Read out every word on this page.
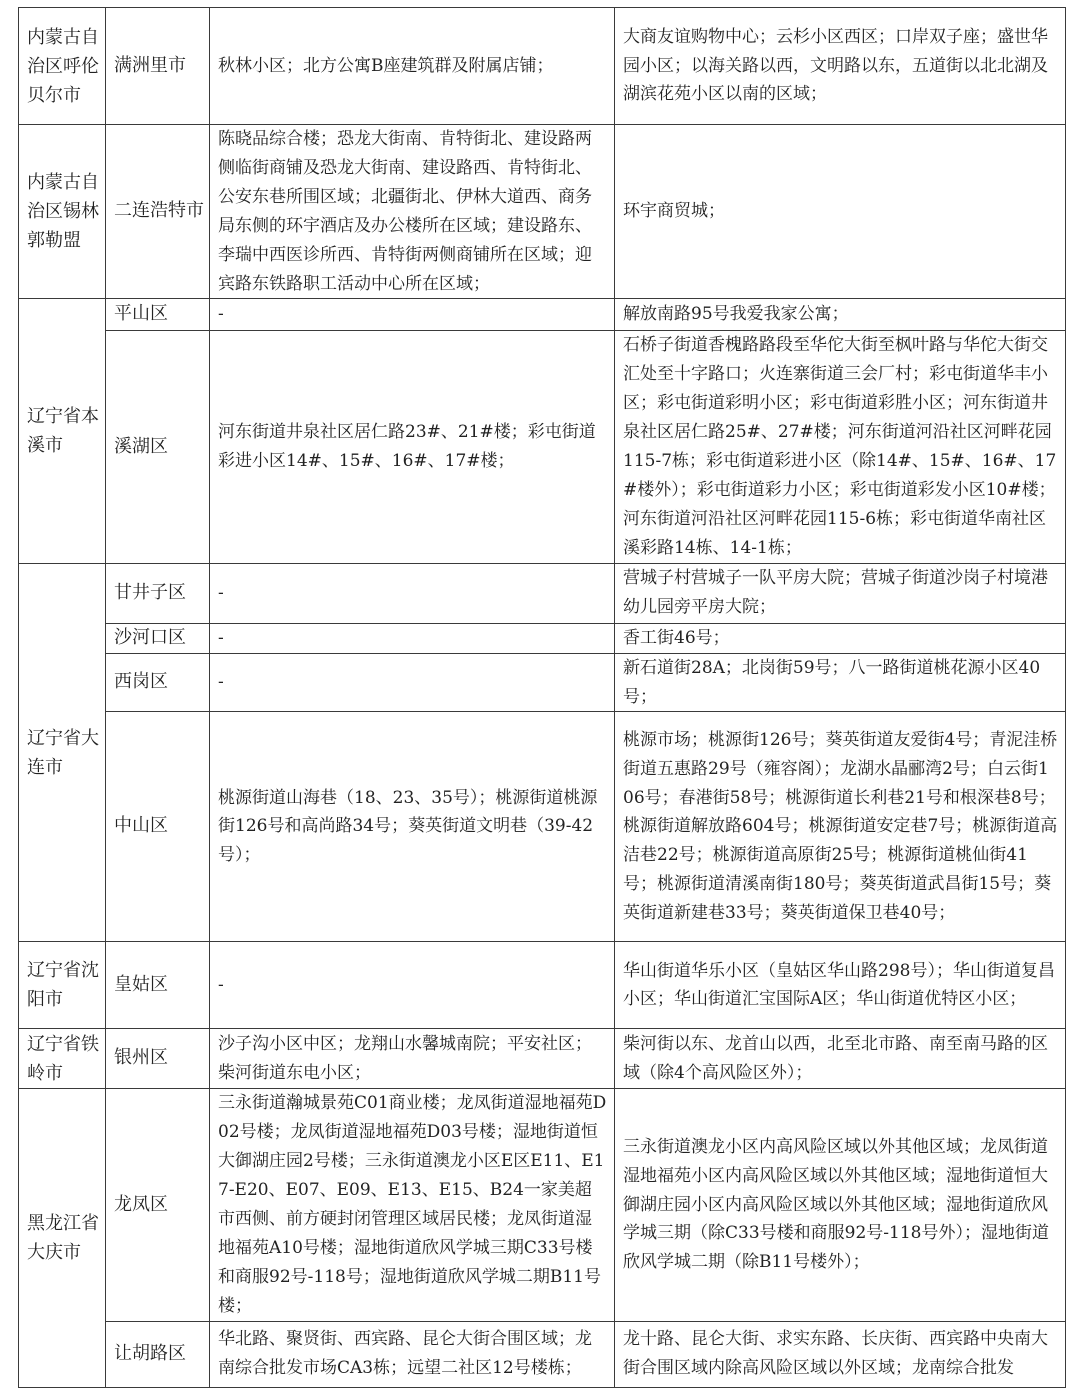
内蒙古自治区呼伦贝尔市	满洲里市	秋林小区；北方公寓B座建筑群及附属店铺；	大商友谊购物中心；云杉小区西区；口岸双子座；盛世华园小区；以海关路以西，文明路以东，五道街以北北湖及湖滨花苑小区以南的区域；
内蒙古自治区锡林郭勒盟	二连浩特市	陈晓品综合楼；恐龙大街南、肯特街北、建设路两侧临街商铺及恐龙大街南、建设路西、肯特街北、公安东巷所围区域；北疆街北、伊林大道西、商务局东侧的环宇酒店及办公楼所在区域；建设路东、李瑞中西医诊所西、肯特街两侧商铺所在区域；迎宾路东铁路职工活动中心所在区域；	环宇商贸城；
辽宁省本溪市	平山区	-	解放南路95号我爱我家公寓；
	溪湖区	河东街道井泉社区居仁路23#、21#楼；彩屯街道彩进小区14#、15#、16#、17#楼；	石桥子街道香槐路路段至华佗大街至枫叶路与华佗大街交汇处至十字路口；火连寨街道三会厂村；彩屯街道华丰小区；彩屯街道彩明小区；彩屯街道彩胜小区；河东街道井泉社区居仁路25#、27#楼；河东街道河沿社区河畔花园115-7栋；彩屯街道彩进小区（除14#、15#、16#、17#楼外）；彩屯街道彩力小区；彩屯街道彩发小区10#楼；河东街道河沿社区河畔花园115-6栋；彩屯街道华南社区溪彩路14栋、14-1栋；
辽宁省大连市	甘井子区	-	营城子村营城子一队平房大院；营城子街道沙岗子村境港幼儿园旁平房大院；
	沙河口区	-	香工街46号；
	西岗区	-	新石道街28A；北岗街59号；八一路街道桃花源小区40号；
	中山区	桃源街道山海巷（18、23、35号）；桃源街道桃源街126号和高尚路34号；葵英街道文明巷（39-42号）；	桃源市场；桃源街126号；葵英街道友爱街4号；青泥洼桥街道五惠路29号（雍容阁）；龙湖水晶郦湾2号；白云街106号；春港街58号；桃源街道长利巷21号和根深巷8号；桃源街道解放路604号；桃源街道安定巷7号；桃源街道高洁巷22号；桃源街道高原街25号；桃源街道桃仙街41号；桃源街道清溪南街180号；葵英街道武昌街15号；葵英街道新建巷33号；葵英街道保卫巷40号；
辽宁省沈阳市	皇姑区	-	华山街道华乐小区（皇姑区华山路298号）；华山街道复昌小区；华山街道汇宝国际A区；华山街道优特区小区；
辽宁省铁岭市	银州区	沙子沟小区中区；龙翔山水馨城南院；平安社区；柴河街道东电小区；	柴河街以东、龙首山以西，北至北市路、南至南马路的区域（除4个高风险区外）；
黑龙江省大庆市	龙凤区	三永街道瀚城景苑C01商业楼；龙凤街道湿地福苑D02号楼；龙凤街道湿地福苑D03号楼；湿地街道恒大御湖庄园2号楼；三永街道澳龙小区E区E11、E17-E20、E07、E09、E13、E15、B24一家美超市西侧、前方硬封闭管理区域居民楼；龙凤街道湿地福苑A10号楼；湿地街道欣风学城三期C33号楼和商服92号-118号；湿地街道欣风学城二期B11号楼；	三永街道澳龙小区内高风险区域以外其他区域；龙凤街道湿地福苑小区内高风险区域以外其他区域；湿地街道恒大御湖庄园小区内高风险区域以外其他区域；湿地街道欣风学城三期（除C33号楼和商服92号-118号外）；湿地街道欣风学城二期（除B11号楼外）；
	让胡路区	华北路、聚贤街、西宾路、昆仑大街合围区域；龙南综合批发市场CA3栋；远望二社区12号楼栋；	龙十路、昆仑大街、求实东路、长庆街、西宾路中央南大街合围区域内除高风险区域以外区域；龙南综合批发
